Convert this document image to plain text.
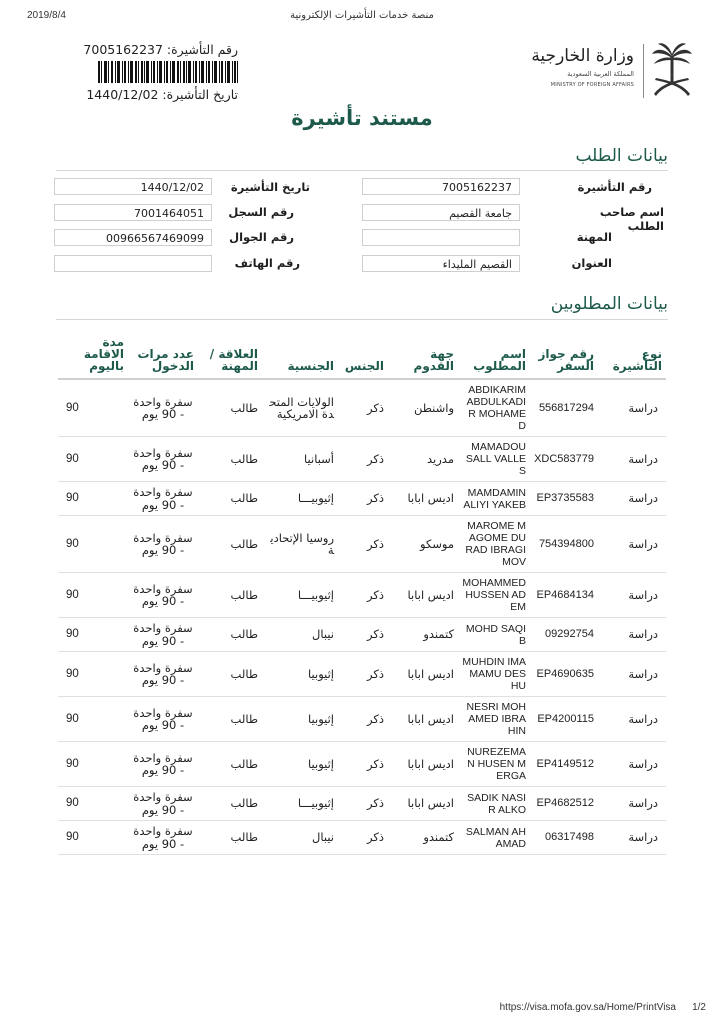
2019/8/4	منصة خدمات التأشيرات الإلكترونية
رقم التأشيرة: 7005162237
تاريخ التأشيرة: 1440/12/02
وزارة الخارجية
المملكة العربية السعودية
MINISTRY OF FOREIGN AFFAIRS
مستند تأشيرة
بيانات الطلب
رقم التأشيرة
7005162237
اسم صاحب الطلب
جامعة القصيم
المهنة
العنوان
القصيم المليداء
تاريخ التأشيرة
1440/12/02
رقم السجل
7001464051
رقم الجوال
00966567469099
رقم الهاتف
بيانات المطلوبين
نوع التأشيرة	رقم جواز السفر	اسم المطلوب	جهة القدوم	الجنس	الجنسية	العلاقة / المهنة	عدد مرات الدخول	مدة الاقامة باليوم
دراسة	556817294	ABDIKARIM ABDULKADIR MOHAMED	واشنطن	ذكر	الولايات المتحدة الامريكية	طالب	سفرة واحدة - 90 يوم	90
دراسة	XDC583779	MAMADOU SALL VALLES	مدريد	ذكر	أسبانيا	طالب	سفرة واحدة - 90 يوم	90
دراسة	EP3735583	MAMDAMIN ALIYI YAKEB	اديس ابابا	ذكر	إثيوبيـــا	طالب	سفرة واحدة - 90 يوم	90
دراسة	754394800	MAROME MAGOME DURAD IBRAGIMOV	موسكو	ذكر	روسيا الإتحادية	طالب	سفرة واحدة - 90 يوم	90
دراسة	EP4684134	MOHAMMED HUSSEN ADEM	اديس ابابا	ذكر	إثيوبيـــا	طالب	سفرة واحدة - 90 يوم	90
دراسة	09292754	MOHD SAQIB	كتمندو	ذكر	نيبال	طالب	سفرة واحدة - 90 يوم	90
دراسة	EP4690635	MUHDIN IMAMAMU DESHU	اديس ابابا	ذكر	إثيوبيا	طالب	سفرة واحدة - 90 يوم	90
دراسة	EP4200115	NESRI MOHAMED IBRAHIN	اديس ابابا	ذكر	إثيوبيا	طالب	سفرة واحدة - 90 يوم	90
دراسة	EP4149512	NUREZEMAN HUSEN MERGA	اديس ابابا	ذكر	إثيوبيا	طالب	سفرة واحدة - 90 يوم	90
دراسة	EP4682512	SADIK NASIR ALKO	اديس ابابا	ذكر	إثيوبيـــا	طالب	سفرة واحدة - 90 يوم	90
دراسة	06317498	SALMAN AHAMAD	كتمندو	ذكر	نيبال	طالب	سفرة واحدة - 90 يوم	90
https://visa.mofa.gov.sa/Home/PrintVisa 1/2
